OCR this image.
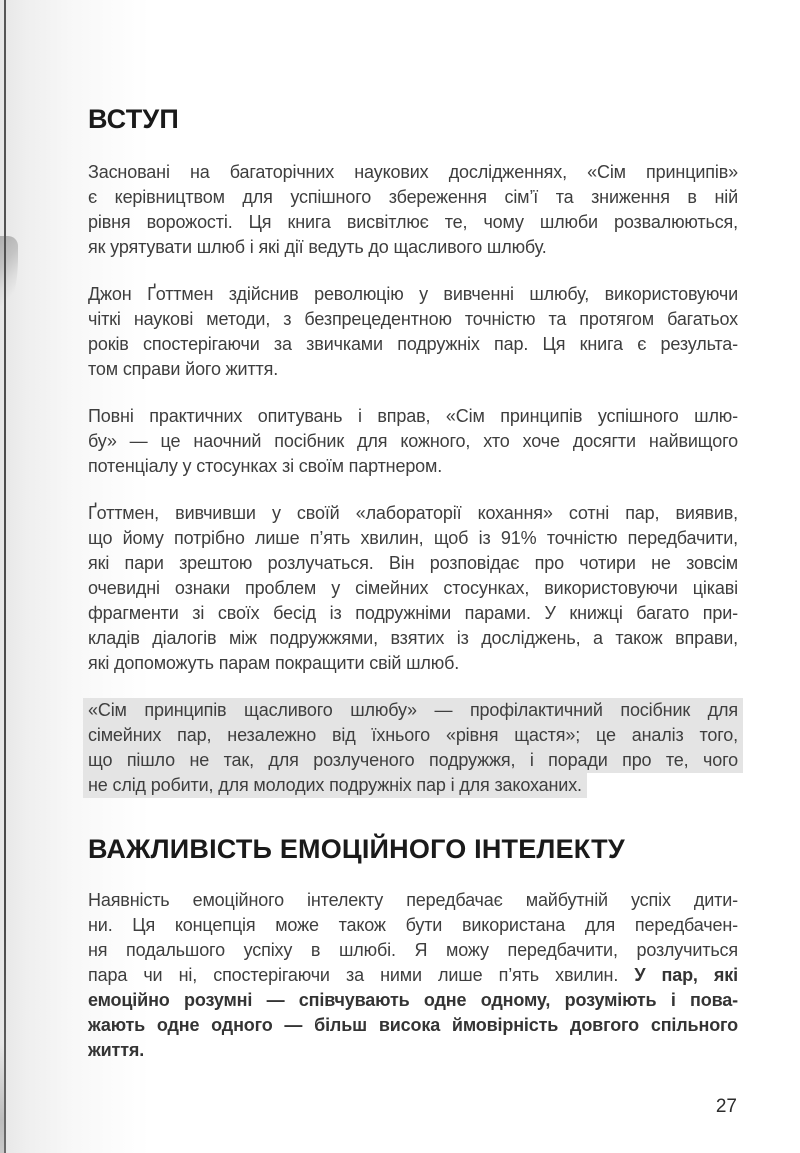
ВСТУП
Засновані на багаторічних наукових дослідженнях, «Сім принципів»
є керівництвом для успішного збереження сім’ї та зниження в ній
рівня ворожості. Ця книга висвітлює те, чому шлюби розвалюються,
як урятувати шлюб і які дії ведуть до щасливого шлюбу.
Джон Ґоттмен здійснив революцію у вивченні шлюбу, використовуючи
чіткі наукові методи, з безпрецедентною точністю та протягом багатьох
років спостерігаючи за звичками подружніх пар. Ця книга є результа-
том справи його життя.
Повні практичних опитувань і вправ, «Сім принципів успішного шлю-
бу» — це наочний посібник для кожного, хто хоче досягти найвищого
потенціалу у стосунках зі своїм партнером.
Ґоттмен, вивчивши у своїй «лабораторії кохання» сотні пар, виявив,
що йому потрібно лише п’ять хвилин, щоб із 91% точністю передбачити,
які пари зрештою розлучаться. Він розповідає про чотири не зовсім
очевидні ознаки проблем у сімейних стосунках, використовуючи цікаві
фрагменти зі своїх бесід із подружніми парами. У книжці багато при-
кладів діалогів між подружжями, взятих із досліджень, а також вправи,
які допоможуть парам покращити свій шлюб.
«Сім принципів щасливого шлюбу» — профілактичний посібник для
сімейних пар, незалежно від їхнього «рівня щастя»; це аналіз того,
що пішло не так, для розлученого подружжя, і поради про те, чого
не слід робити, для молодих подружніх пар і для закоханих.
ВАЖЛИВІСТЬ ЕМОЦІЙНОГО ІНТЕЛЕКТУ
Наявність емоційного інтелекту передбачає майбутній успіх дити-
ни. Ця концепція може також бути використана для передбачен-
ня подальшого успіху в шлюбі. Я можу передбачити, розлучиться
пара чи ні, спостерігаючи за ними лише п’ять хвилин. У пар, які
емоційно розумні — співчувають одне одному, розуміють і пова-
жають одне одного — більш висока ймовірність довгого спільного
життя.
27
